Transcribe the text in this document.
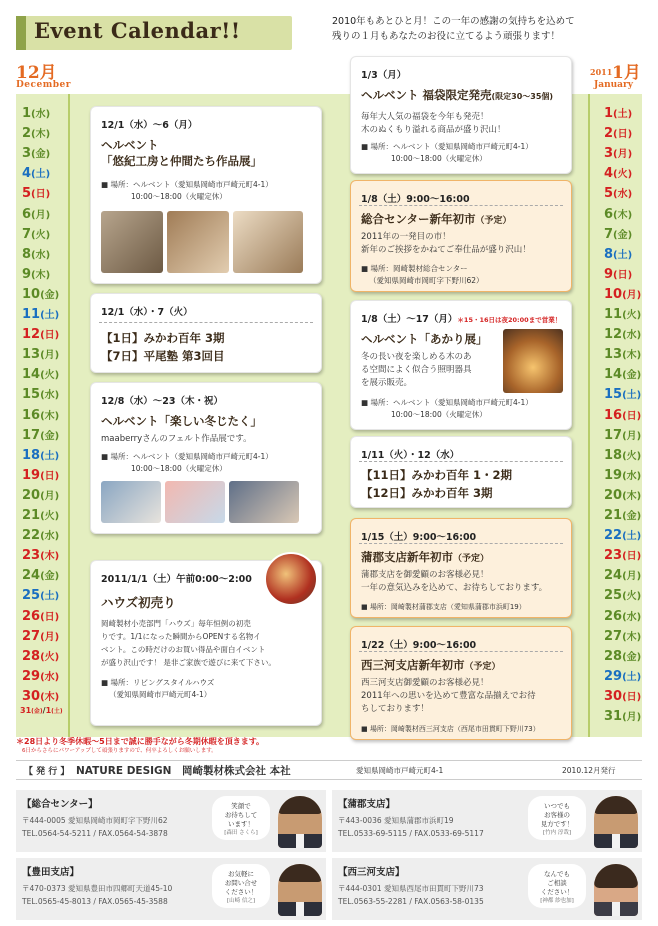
Event Calendar!!	2010年もあとひと月！この一年の感謝の気持ちを込めて
残りの１月もあなたのお役に立てるよう頑張ります！
12月
December
2011 1月
January
1(水)
2(木)
3(金)
4(土)
5(日)
6(月)
7(火)
8(水)
9(木)
10(金)
11(土)
12(日)
13(月)
14(火)
15(水)
16(木)
17(金)
18(土)
19(日)
20(月)
21(火)
22(水)
23(木)
24(金)
25(土)
26(日)
27(月)
28(火)
29(水)
30(木)
1(土)
2(日)
3(月)
4(火)
5(水)
6(木)
7(金)
8(土)
9(日)
10(月)
11(火)
12(水)
13(木)
14(金)
15(土)
16(日)
17(月)
18(火)
19(水)
20(木)
21(金)
22(土)
23(日)
24(月)
25(火)
26(水)
27(木)
28(金)
29(土)
30(日)
31(月)
31(金)/1(土)
12/1（水）〜6（月）
ヘルベント
「悠紀工房と仲間たち作品展」
■ 場所：ヘルベント（愛知県岡崎市戸崎元町4-1）
10:00〜18:00（火曜定休）
12/1（水）・7（火）
【1日】みかわ百年 3期
【7日】平尾塾 第3回目
12/8（水）〜23（木・祝）
ヘルベント「楽しい冬じたく」
maaberryさんのフェルト作品展です。
■ 場所：ヘルベント（愛知県岡崎市戸崎元町4-1）
10:00〜18:00（火曜定休）
2011/1/1（土）午前0:00〜2:00
ハウズ初売り
岡崎製材小売部門「ハウズ」毎年恒例の初売
りです。1/1になった瞬間からOPENする名物イ
ベント。この時だけのお買い得品や面白イベント
が盛り沢山です！ 是非ご家族で遊びに来て下さい。
■ 場所：リビングスタイルハウズ
（愛知県岡崎市戸崎元町4-1）
1/3（月）
ヘルベント 福袋限定発売(限定30〜35個)
毎年大人気の福袋を今年も発売！
木のぬくもり溢れる商品が盛り沢山！
■ 場所：ヘルベント（愛知県岡崎市戸崎元町4-1）
10:00〜18:00（火曜定休）
1/8（土）9:00〜16:00
総合センター新年初市（予定）
2011年の一発目の市！
新年のご挨拶をかねてご奉仕品が盛り沢山！
■ 場所：岡崎製材総合センター
（愛知県岡崎市岡町字下野川62）
1/8（土）〜17（月）＊15・16日は夜20:00まで営業！
ヘルベント「あかり展」
冬の長い夜を楽しめる木のあ
る空間によく似合う照明器具
を展示販売。
■ 場所：ヘルベント（愛知県岡崎市戸崎元町4-1）
10:00〜18:00（火曜定休）
1/11（火）・12（水）
【11日】みかわ百年 1・2期
【12日】みかわ百年 3期
1/15（土）9:00〜16:00
蒲郡支店新年初市（予定）
蒲郡支店を御愛顧のお客様必見！
一年の意気込みを込めて、お待ちしております。
■ 場所：岡崎製材蒲郡支店（愛知県蒲郡市浜町19）
1/22（土）9:00〜16:00
西三河支店新年初市（予定）
西三河支店御愛顧のお客様必見！
2011年への思いを込めて豊富な品揃えでお待
ちしております！
■ 場所：岡崎製材西三河支店（西尾市田貫町下野川73）
＊28日より冬季休暇〜5日まで誠に勝手ながら冬期休暇を頂きます。
6日からさらにパワーアップして頑張りますので、何卒よろしくお願いします。
【 発 行 】 NATURE DESIGN　岡崎製材株式会社 本社	愛知県岡崎市戸崎元町4-1	2010.12月発行
【総合センター】
〒444-0005 愛知県岡崎市岡町字下野川62
TEL.0564-54-5211 / FAX.0564-54-3878
笑顔で
お待ちして
います！
[森田 さくら]
【蒲郡支店】
〒443-0036 愛知県蒲郡市浜町19
TEL.0533-69-5115 / FAX.0533-69-5117
いつでも
お客様の
見方です！
[竹内 淳哉]
【豊田支店】
〒470-0373 愛知県豊田市四郷町天道45-10
TEL.0565-45-8013 / FAX.0565-45-3588
お気軽に
お問い合せ
ください！
[山崎 信之]
【西三河支店】
〒444-0301 愛知県西尾市田貫町下野川73
TEL.0563-55-2281 / FAX.0563-58-0135
なんでも
ご相談
ください！
[神都 紗也加]
